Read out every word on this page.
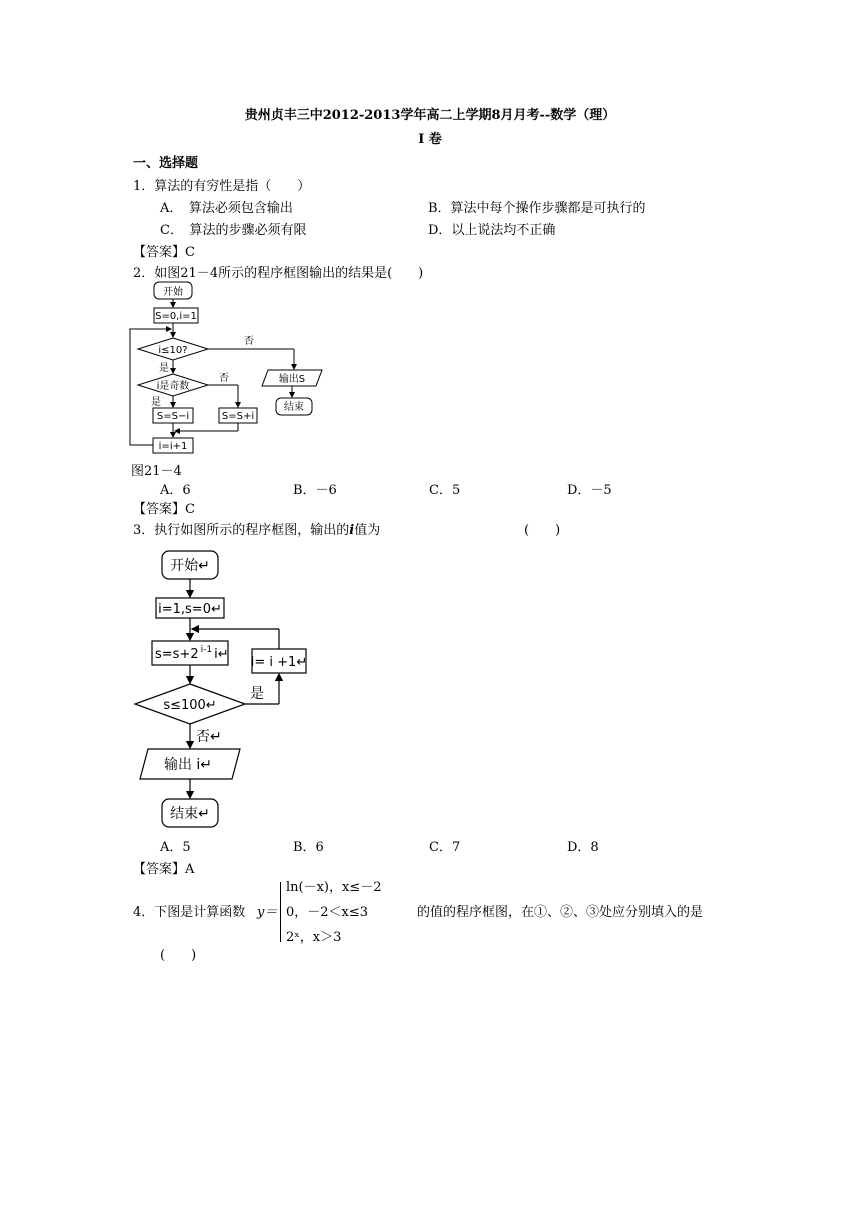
贵州贞丰三中2012-2013学年高二上学期8月月考--数学（理）
I 卷
一、选择题
1．算法的有穷性是指（　　）
A．　算法必须包含输出	B．算法中每个操作步骤都是可执行的
C．　算法的步骤必须有限	D．以上说法均不正确
【答案】C
2．如图21－4所示的程序框图输出的结果是(　　)
开始
S=0,i=1
i≤10?
否
是
输出S
结束
i是奇数
否
是
S=S−i	S=S+i
i=i+1
图21－4
A．6	B．－6	C．5	D．－5
【答案】C
3．执行如图所示的程序框图，输出的i值为	(　　)
开始↵
i=1,s=0↵
s=s+2 $^{i-1}$ i↵
i= i +1↵
s≤100↵
是
否↵
输出 i↵
结束↵
A．5	B．6	C．7	D．8
【答案】A
4．下图是计算函数 y＝
ln(－x)，x≤－2
0，－2＜x≤3
2ˣ，x＞3
的值的程序框图，在①、②、③处应分别填入的是
(　　)
